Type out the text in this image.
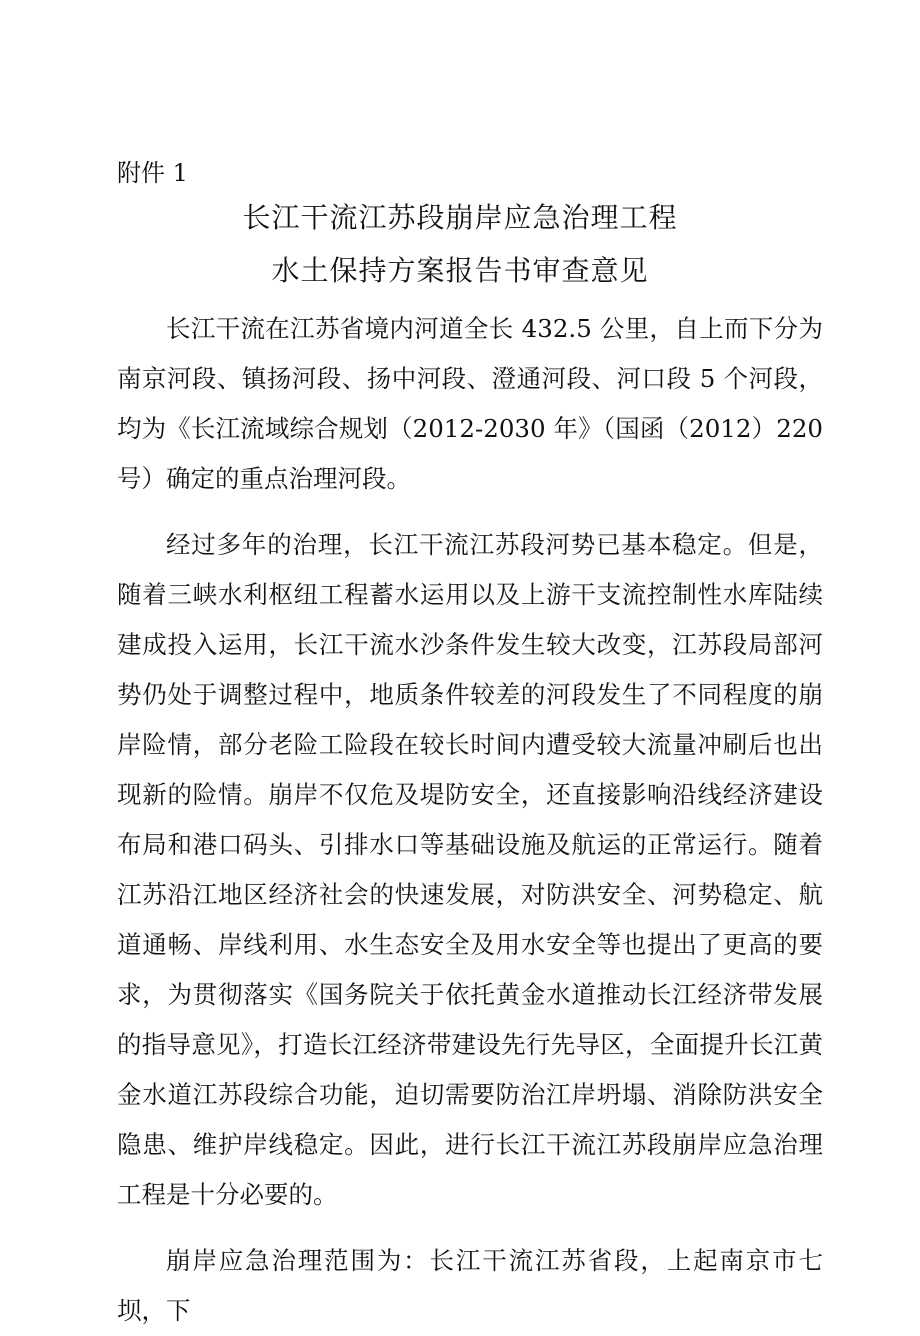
附件 1

长江干流江苏段崩岸应急治理工程
水土保持方案报告书审查意见

长江干流在江苏省境内河道全长 432.5 公里，自上而下分为南京河段、镇扬河段、扬中河段、澄通河段、河口段 5 个河段，均为《长江流域综合规划（2012-2030 年》（国函（2012）220 号）确定的重点治理河段。

经过多年的治理，长江干流江苏段河势已基本稳定。但是，随着三峡水利枢纽工程蓄水运用以及上游干支流控制性水库陆续建成投入运用，长江干流水沙条件发生较大改变，江苏段局部河势仍处于调整过程中，地质条件较差的河段发生了不同程度的崩岸险情，部分老险工险段在较长时间内遭受较大流量冲刷后也出现新的险情。崩岸不仅危及堤防安全，还直接影响沿线经济建设布局和港口码头、引排水口等基础设施及航运的正常运行。随着江苏沿江地区经济社会的快速发展，对防洪安全、河势稳定、航道通畅、岸线利用、水生态安全及用水安全等也提出了更高的要求，为贯彻落实《国务院关于依托黄金水道推动长江经济带发展的指导意见》，打造长江经济带建设先行先导区，全面提升长江黄金水道江苏段综合功能，迫切需要防治江岸坍塌、消除防洪安全隐患、维护岸线稳定。因此，进行长江干流江苏段崩岸应急治理工程是十分必要的。

崩岸应急治理范围为：长江干流江苏省段，上起南京市七坝，下
